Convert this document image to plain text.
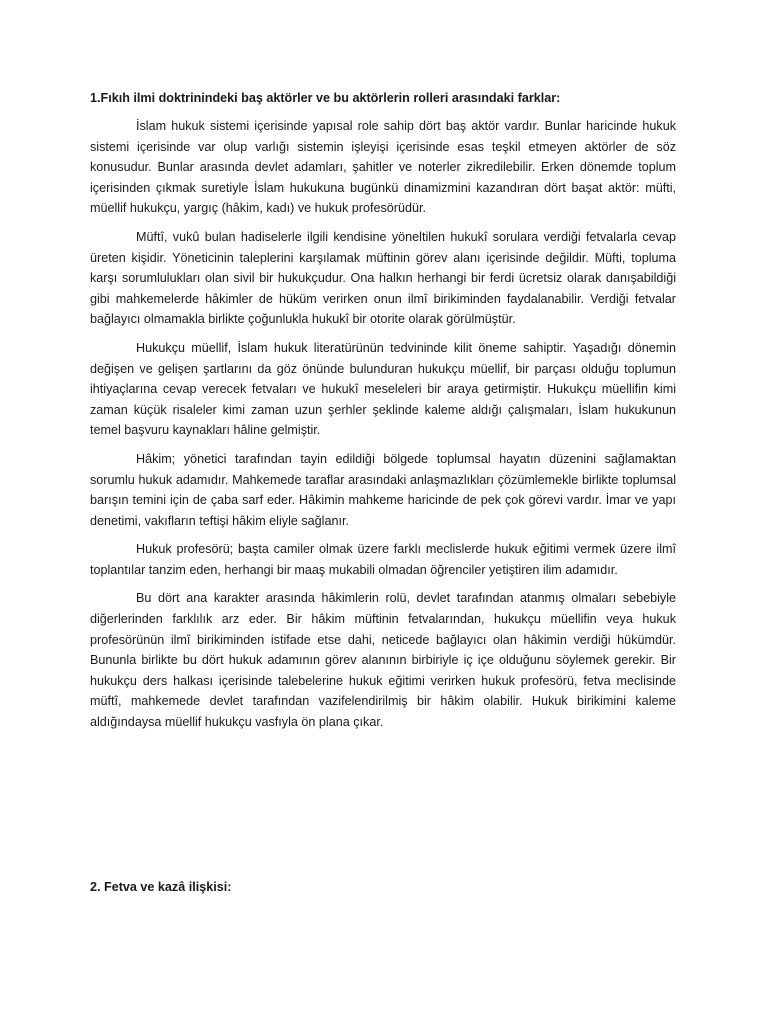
1.Fıkıh ilmi doktrinindeki baş aktörler ve bu aktörlerin rolleri arasındaki farklar:

İslam hukuk sistemi içerisinde yapısal role sahip dört baş aktör vardır. Bunlar haricinde hukuk sistemi içerisinde var olup varlığı sistemin işleyişi içerisinde esas teşkil etmeyen aktörler de söz konusudur. Bunlar arasında devlet adamları, şahitler ve noterler zikredilebilir. Erken dönemde toplum içerisinden çıkmak suretiyle İslam hukukuna bugünkü dinamizmini kazandıran dört başat aktör: müfti, müellif hukukçu, yargıç (hâkim, kadı) ve hukuk profesörüdür.

Müftî, vukû bulan hadiselerle ilgili kendisine yöneltilen hukukî sorulara verdiği fetvalarla cevap üreten kişidir. Yöneticinin taleplerini karşılamak müftinin görev alanı içerisinde değildir. Müfti, topluma karşı sorumlulukları olan sivil bir hukukçudur. Ona halkın herhangi bir ferdi ücretsiz olarak danışabildiği gibi mahkemelerde hâkimler de hüküm verirken onun ilmî birikiminden faydalanabilir. Verdiği fetvalar bağlayıcı olmamakla birlikte çoğunlukla hukukî bir otorite olarak görülmüştür.

Hukukçu müellif, İslam hukuk literatürünün tedvininde kilit öneme sahiptir. Yaşadığı dönemin değişen ve gelişen şartlarını da göz önünde bulunduran hukukçu müellif, bir parçası olduğu toplumun ihtiyaçlarına cevap verecek fetvaları ve hukukî meseleleri bir araya getirmiştir. Hukukçu müellifin kimi zaman küçük risaleler kimi zaman uzun şerhler şeklinde kaleme aldığı çalışmaları, İslam hukukunun temel başvuru kaynakları hâline gelmiştir.

Hâkim; yönetici tarafından tayin edildiği bölgede toplumsal hayatın düzenini sağlamaktan sorumlu hukuk adamıdır. Mahkemede taraflar arasındaki anlaşmazlıkları çözümlemekle birlikte toplumsal barışın temini için de çaba sarf eder. Hâkimin mahkeme haricinde de pek çok görevi vardır. İmar ve yapı denetimi, vakıfların teftişi hâkim eliyle sağlanır.

Hukuk profesörü; başta camiler olmak üzere farklı meclislerde hukuk eğitimi vermek üzere ilmî toplantılar tanzim eden, herhangi bir maaş mukabili olmadan öğrenciler yetiştiren ilim adamıdır.

Bu dört ana karakter arasında hâkimlerin rolü, devlet tarafından atanmış olmaları sebebiyle diğerlerinden farklılık arz eder. Bir hâkim müftinin fetvalarından, hukukçu müellifin veya hukuk profesörünün ilmî birikiminden istifade etse dahi, neticede bağlayıcı olan hâkimin verdiği hükümdür. Bununla birlikte bu dört hukuk adamının görev alanının birbiriyle iç içe olduğunu söylemek gerekir. Bir hukukçu ders halkası içerisinde talebelerine hukuk eğitimi verirken hukuk profesörü, fetva meclisinde müftî, mahkemede devlet tarafından vazifelendirilmiş bir hâkim olabilir. Hukuk birikimini kaleme aldığındaysa müellif hukukçu vasfıyla ön plana çıkar.

2. Fetva ve kazâ ilişkisi:
